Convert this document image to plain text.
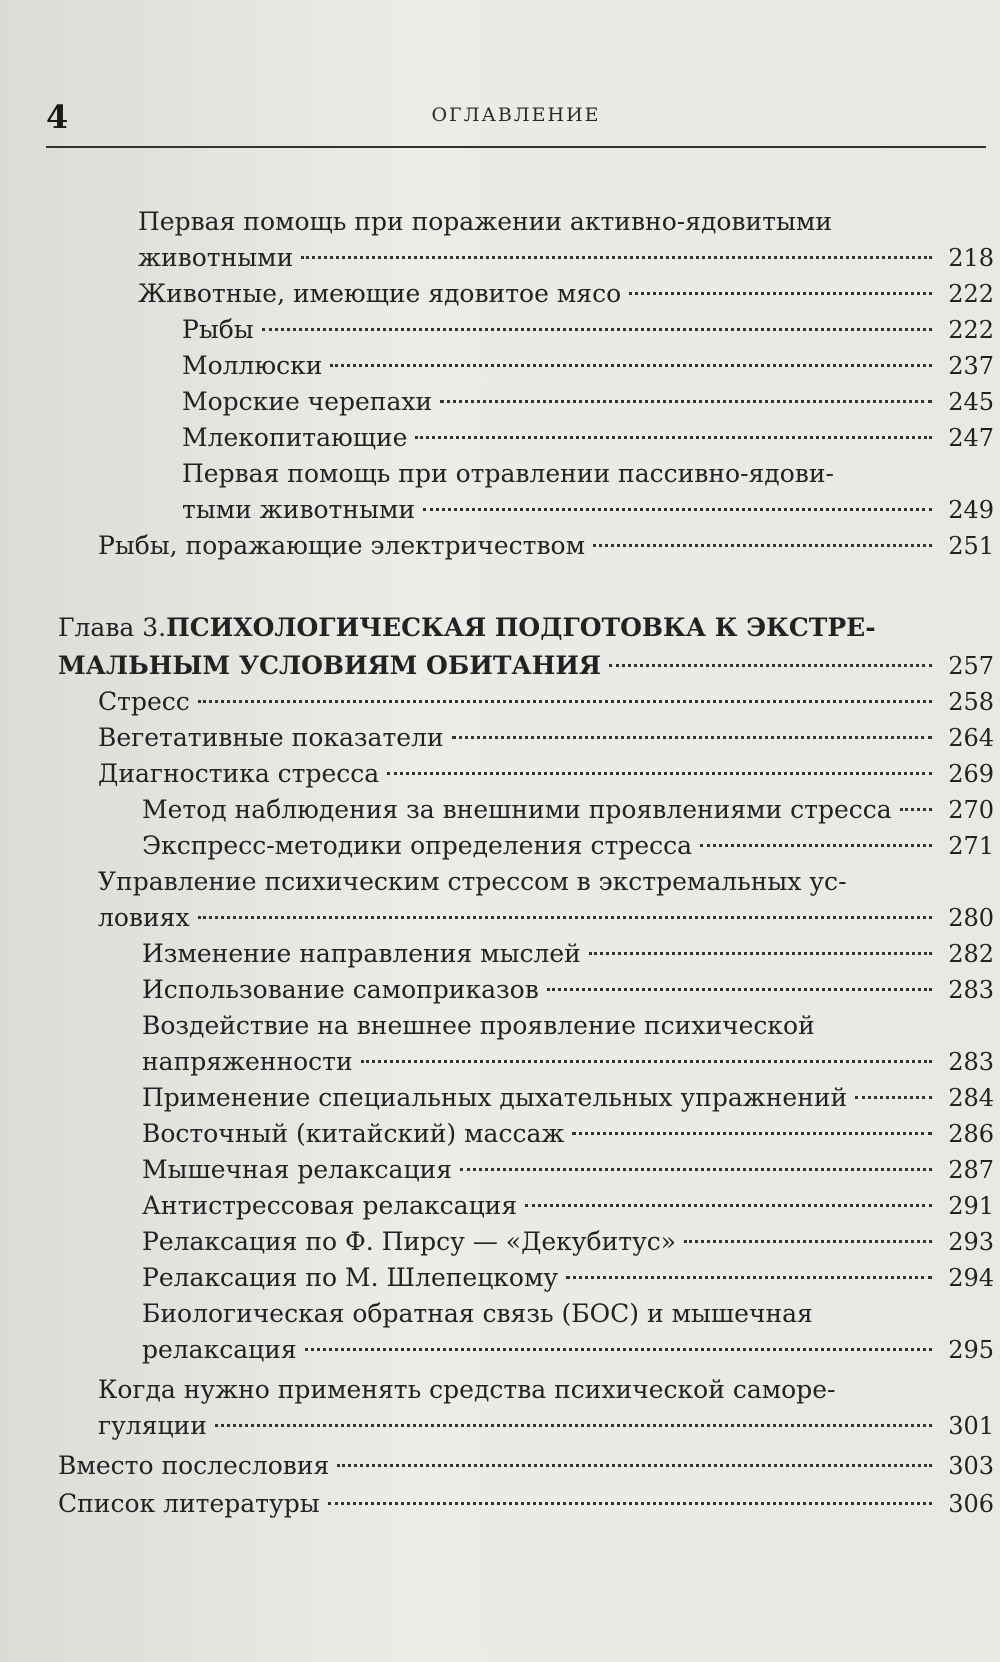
4	ОГЛАВЛЕНИЕ
Первая помощь при поражении активно-ядовитыми
животными	218
Животные, имеющие ядовитое мясо	222
Рыбы	222
Моллюски	237
Морские черепахи	245
Млекопитающие	247
Первая помощь при отравлении пассивно-ядови-
тыми животными	249
Рыбы, поражающие электричеством	251
Глава 3. ПСИХОЛОГИЧЕСКАЯ ПОДГОТОВКА К ЭКСТРЕ-
МАЛЬНЫМ УСЛОВИЯМ ОБИТАНИЯ	257
Стресс	258
Вегетативные показатели	264
Диагностика стресса	269
Метод наблюдения за внешними проявлениями стресса	270
Экспресс-методики определения стресса	271
Управление психическим стрессом в экстремальных ус-
ловиях	280
Изменение направления мыслей	282
Использование самоприказов	283
Воздействие на внешнее проявление психической
напряженности	283
Применение специальных дыхательных упражнений	284
Восточный (китайский) массаж	286
Мышечная релаксация	287
Антистрессовая релаксация	291
Релаксация по Ф. Пирсу — «Декубитус»	293
Релаксация по М. Шлепецкому	294
Биологическая обратная связь (БОС) и мышечная
релаксация	295
Когда нужно применять средства психической саморе-
гуляции	301
Вместо послесловия	303
Список литературы	306
